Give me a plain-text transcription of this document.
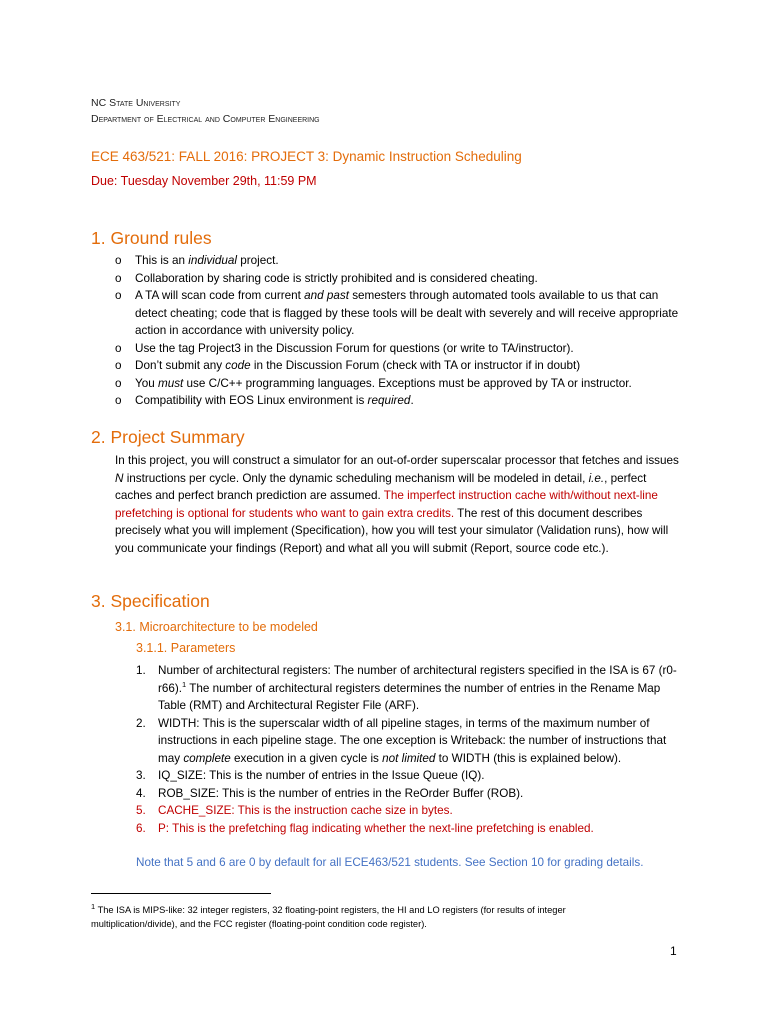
NC State University
Department of Electrical and Computer Engineering
ECE 463/521: FALL 2016: PROJECT 3: Dynamic Instruction Scheduling
Due: Tuesday November 29th, 11:59 PM
1. Ground rules
o This is an individual project.
o Collaboration by sharing code is strictly prohibited and is considered cheating.
o A TA will scan code from current and past semesters through automated tools available to us that can detect cheating; code that is flagged by these tools will be dealt with severely and will receive appropriate action in accordance with university policy.
o Use the tag Project3 in the Discussion Forum for questions (or write to TA/instructor).
o Don’t submit any code in the Discussion Forum (check with TA or instructor if in doubt)
o You must use C/C++ programming languages. Exceptions must be approved by TA or instructor.
o Compatibility with EOS Linux environment is required.
2. Project Summary
In this project, you will construct a simulator for an out-of-order superscalar processor that fetches and issues N instructions per cycle. Only the dynamic scheduling mechanism will be modeled in detail, i.e., perfect caches and perfect branch prediction are assumed. The imperfect instruction cache with/without next-line prefetching is optional for students who want to gain extra credits. The rest of this document describes precisely what you will implement (Specification), how you will test your simulator (Validation runs), how will you communicate your findings (Report) and what all you will submit (Report, source code etc.).
3. Specification
3.1. Microarchitecture to be modeled
3.1.1. Parameters
1. Number of architectural registers: The number of architectural registers specified in the ISA is 67 (r0-r66).$^1$ The number of architectural registers determines the number of entries in the Rename Map Table (RMT) and Architectural Register File (ARF).
2. WIDTH: This is the superscalar width of all pipeline stages, in terms of the maximum number of instructions in each pipeline stage. The one exception is Writeback: the number of instructions that may complete execution in a given cycle is not limited to WIDTH (this is explained below).
3. IQ_SIZE: This is the number of entries in the Issue Queue (IQ).
4. ROB_SIZE: This is the number of entries in the ReOrder Buffer (ROB).
5. CACHE_SIZE: This is the instruction cache size in bytes.
6. P: This is the prefetching flag indicating whether the next-line prefetching is enabled.
Note that 5 and 6 are 0 by default for all ECE463/521 students. See Section 10 for grading details.
$^1$ The ISA is MIPS-like: 32 integer registers, 32 floating-point registers, the HI and LO registers (for results of integer multiplication/divide), and the FCC register (floating-point condition code register).
1
